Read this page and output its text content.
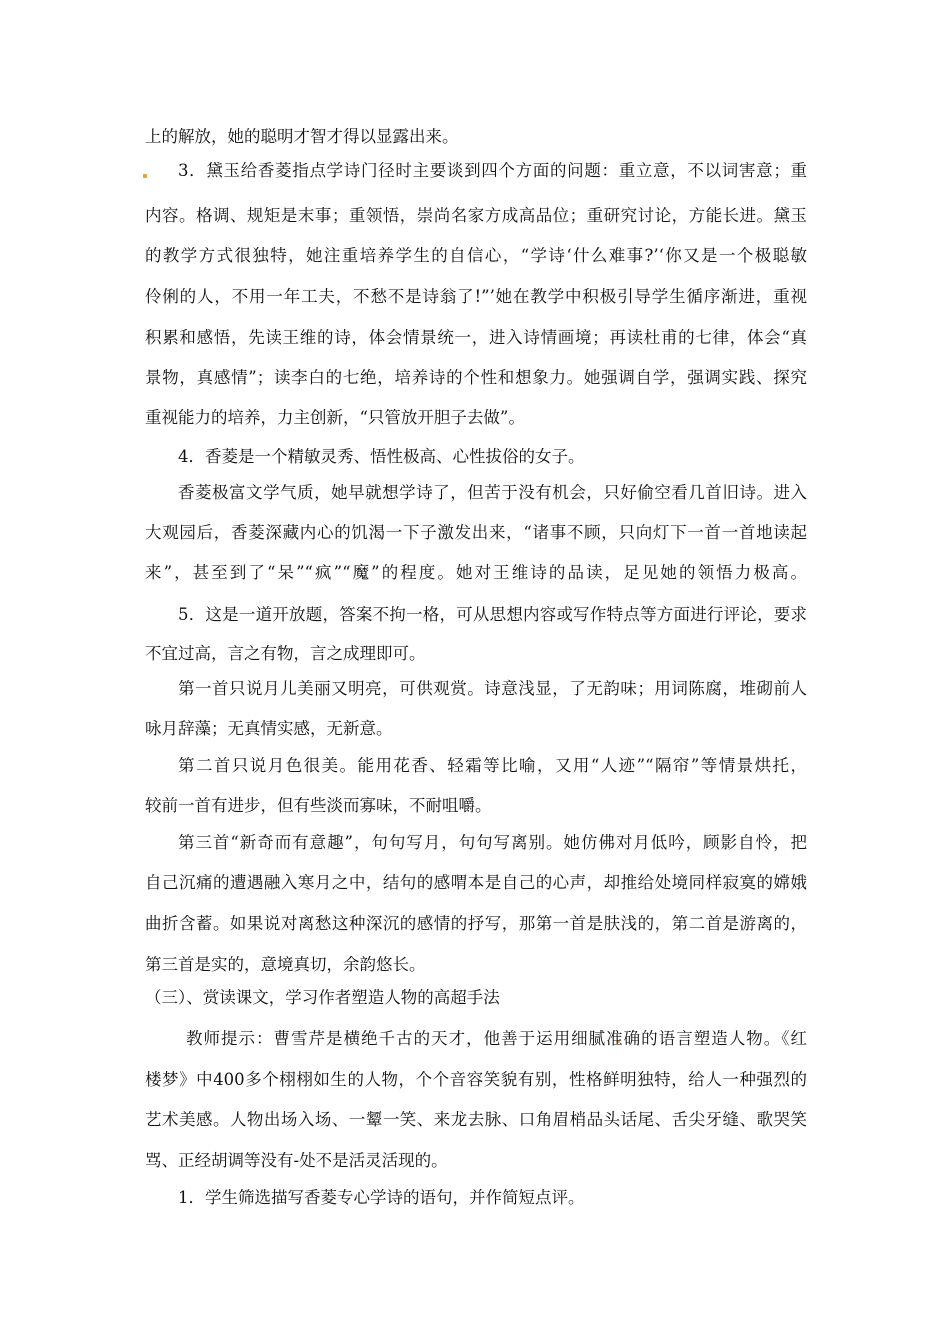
上的解放，她的聪明才智才得以显露出来。
3．黛玉给香菱指点学诗门径时主要谈到四个方面的问题：重立意，不以词害意；重
内容。格调、规矩是末事；重领悟，崇尚名家方成高品位；重研究讨论，方能长进。黛玉
的教学方式很独特，她注重培养学生的自信心，“学诗‘什么难事?’‘你又是一个极聪敏
伶俐的人，不用一年工夫，不愁不是诗翁了!”’她在教学中积极引导学生循序渐进，重视
积累和感悟，先读王维的诗，体会情景统一，进入诗情画境；再读杜甫的七律，体会“真
景物，真感情”；读李白的七绝，培养诗的个性和想象力。她强调自学，强调实践、探究
重视能力的培养，力主创新，“只管放开胆子去做”。
4．香菱是一个精敏灵秀、悟性极高、心性拔俗的女子。
香菱极富文学气质，她早就想学诗了，但苦于没有机会，只好偷空看几首旧诗。进入
大观园后，香菱深藏内心的饥渴一下子激发出来，“诸事不顾，只向灯下一首一首地读起
来”，甚至到了“呆”“疯”“魔”的程度。她对王维诗的品读，足见她的领悟力极高。
5．这是一道开放题，答案不拘一格，可从思想内容或写作特点等方面进行评论，要求
不宜过高，言之有物，言之成理即可。
第一首只说月儿美丽又明亮，可供观赏。诗意浅显，了无韵味；用词陈腐，堆砌前人
咏月辞藻；无真情实感，无新意。
第二首只说月色很美。能用花香、轻霜等比喻，又用“人迹”“隔帘”等情景烘托，
较前一首有进步，但有些淡而寡味，不耐咀嚼。
第三首“新奇而有意趣”，句句写月，句句写离别。她仿佛对月低吟，顾影自怜，把
自己沉痛的遭遇融入寒月之中，结句的感喟本是自己的心声，却推给处境同样寂寞的嫦娥
曲折含蓄。如果说对离愁这种深沉的感情的抒写，那第一首是肤浅的，第二首是游离的，
第三首是实的，意境真切，余韵悠长。
（三）、赏读课文，学习作者塑造人物的高超手法
教师提示：曹雪芹是横绝千古的天才，他善于运用细腻准确的语言塑造人物。《红
楼梦》中400多个栩栩如生的人物，个个音容笑貌有别，性格鲜明独特，给人一种强烈的
艺术美感。人物出场入场、一颦一笑、来龙去脉、口角眉梢品头话尾、舌尖牙缝、歌哭笑
骂、正经胡调等没有-处不是活灵活现的。
1．学生筛选描写香菱专心学诗的语句，并作简短点评。
